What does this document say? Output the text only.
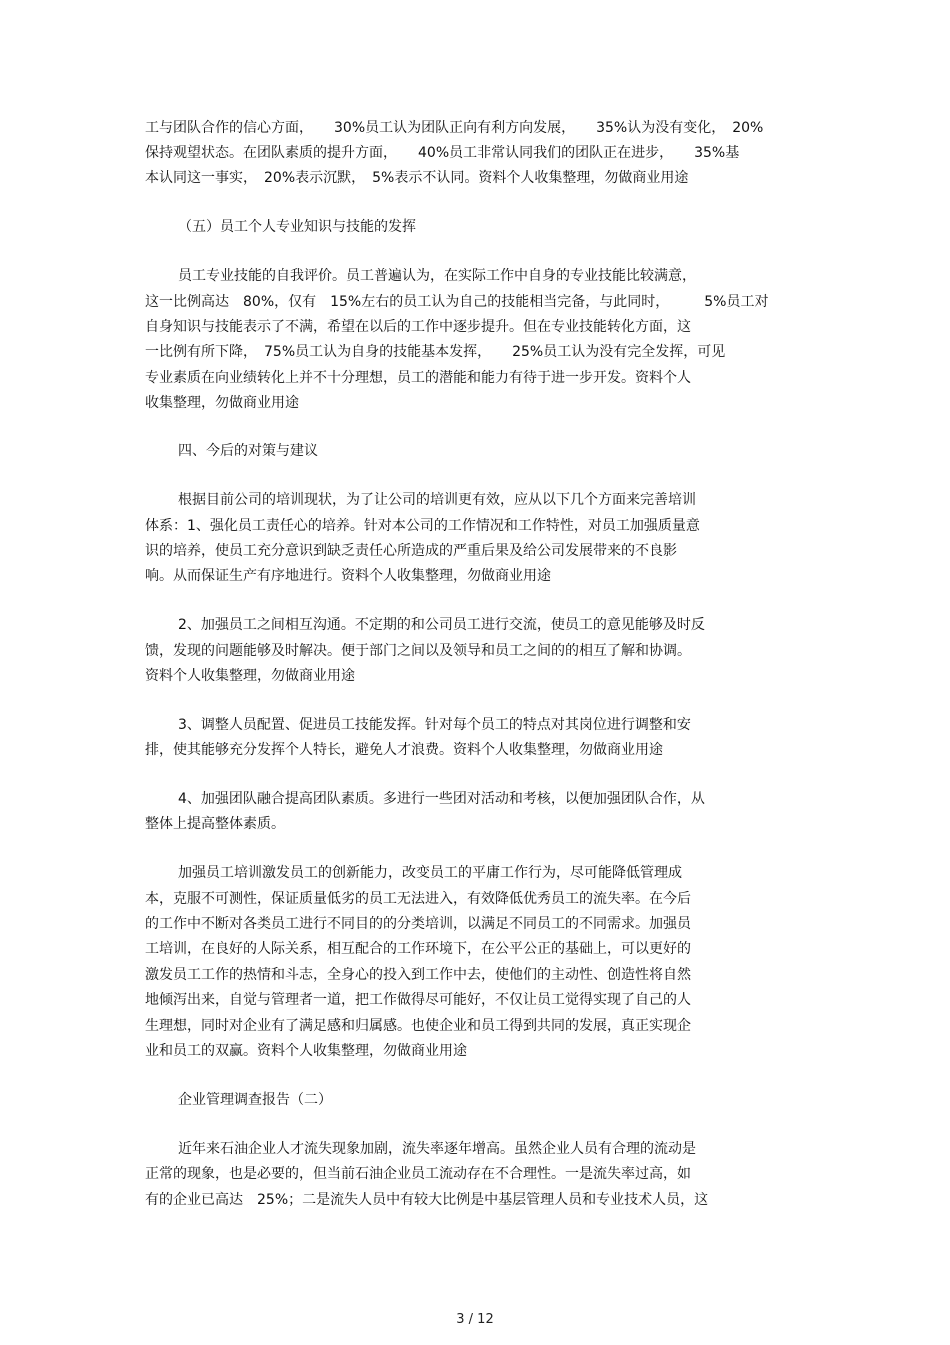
工与团队合作的信心方面，　　30%员工认为团队正向有利方向发展，　　35%认为没有变化，　20%

保持观望状态。在团队素质的提升方面，　　40%员工非常认同我们的团队正在进步，　　35%基

本认同这一事实，　20%表示沉默，　5%表示不认同。资料个人收集整理，勿做商业用途

（五）员工个人专业知识与技能的发挥

员工专业技能的自我评价。员工普遍认为，在实际工作中自身的专业技能比较满意，

这一比例高达　80%，仅有　15%左右的员工认为自己的技能相当完备，与此同时，　　　5%员工对

自身知识与技能表示了不满，希望在以后的工作中逐步提升。但在专业技能转化方面，这

一比例有所下降，　75%员工认为自身的技能基本发挥，　　25%员工认为没有完全发挥，可见

专业素质在向业绩转化上并不十分理想，员工的潜能和能力有待于进一步开发。资料个人

收集整理，勿做商业用途

四、今后的对策与建议

根据目前公司的培训现状，为了让公司的培训更有效，应从以下几个方面来完善培训

体系：1、强化员工责任心的培养。针对本公司的工作情况和工作特性，对员工加强质量意

识的培养，使员工充分意识到缺乏责任心所造成的严重后果及给公司发展带来的不良影

响。从而保证生产有序地进行。资料个人收集整理，勿做商业用途

2、加强员工之间相互沟通。不定期的和公司员工进行交流，使员工的意见能够及时反

馈，发现的问题能够及时解决。便于部门之间以及领导和员工之间的的相互了解和协调。

资料个人收集整理，勿做商业用途

3、调整人员配置、促进员工技能发挥。针对每个员工的特点对其岗位进行调整和安

排，使其能够充分发挥个人特长，避免人才浪费。资料个人收集整理，勿做商业用途

4、加强团队融合提高团队素质。多进行一些团对活动和考核，以便加强团队合作，从

整体上提高整体素质。

加强员工培训激发员工的创新能力，改变员工的平庸工作行为，尽可能降低管理成

本，克服不可测性，保证质量低劣的员工无法进入，有效降低优秀员工的流失率。在今后

的工作中不断对各类员工进行不同目的的分类培训，以满足不同员工的不同需求。加强员

工培训，在良好的人际关系，相互配合的工作环境下，在公平公正的基础上，可以更好的

激发员工工作的热情和斗志，全身心的投入到工作中去，使他们的主动性、创造性将自然

地倾泻出来，自觉与管理者一道，把工作做得尽可能好，不仅让员工觉得实现了自己的人

生理想，同时对企业有了满足感和归属感。也使企业和员工得到共同的发展，真正实现企

业和员工的双赢。资料个人收集整理，勿做商业用途

企业管理调查报告（二）

近年来石油企业人才流失现象加剧，流失率逐年增高。虽然企业人员有合理的流动是

正常的现象，也是必要的，但当前石油企业员工流动存在不合理性。一是流失率过高，如

有的企业已高达　25%；二是流失人员中有较大比例是中基层管理人员和专业技术人员，这

3 / 12
